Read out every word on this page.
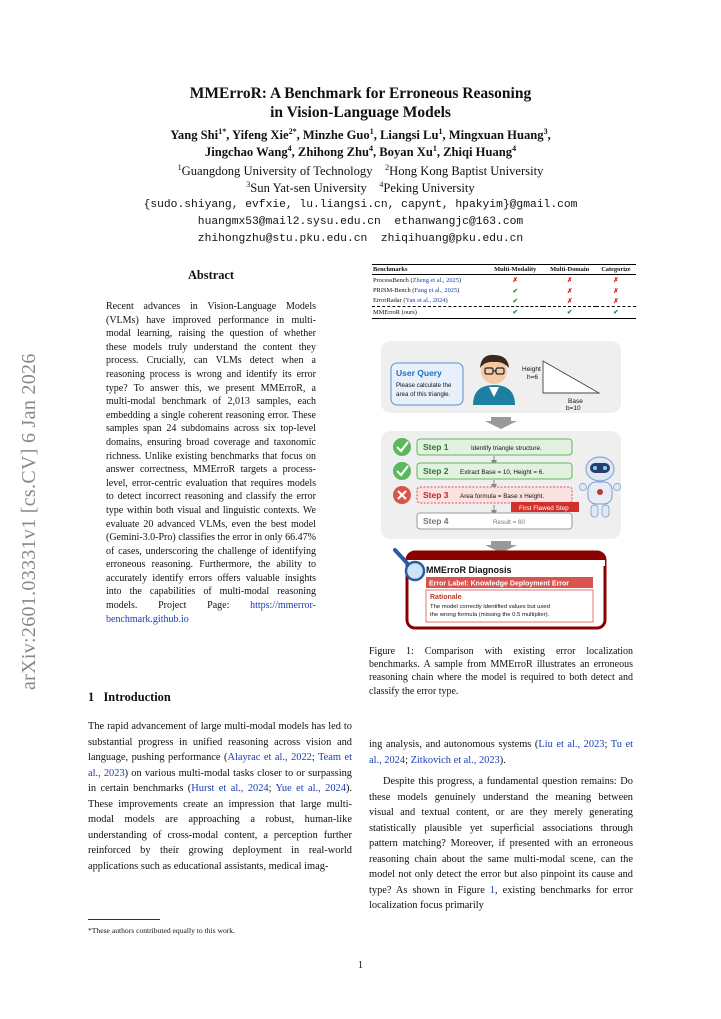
arXiv:2601.03331v1 [cs.CV] 6 Jan 2026
MMErroR: A Benchmark for Erroneous Reasoning
in Vision-Language Models
Yang Shi$^{1*}$, Yifeng Xie$^{2*}$, Minzhe Guo$^1$, Liangsi Lu$^1$, Mingxuan Huang$^3$,
Jingchao Wang$^4$, Zhihong Zhu$^4$, Boyan Xu$^1$, Zhiqi Huang$^4$
$^1$Guangdong University of Technology $^2$Hong Kong Baptist University
$^3$Sun Yat-sen University $^4$Peking University
{sudo.shiyang, evfxie, lu.liangsi.cn, capynt, hpakyim}@gmail.com
huangmx53@mail2.sysu.edu.cn  ethanwangjc@163.com
zhihongzhu@stu.pku.edu.cn  zhiqihuang@pku.edu.cn
Abstract
Recent advances in Vision-Language Models (VLMs) have improved performance in multi-modal learning, raising the question of whether these models truly understand the content they process. Crucially, can VLMs detect when a reasoning process is wrong and identify its error type? To answer this, we present MMErroR, a multi-modal benchmark of 2,013 samples, each embedding a single coherent reasoning error. These samples span 24 subdomains across six top-level domains, ensuring broad coverage and taxonomic richness. Unlike existing benchmarks that focus on answer correctness, MMErroR targets a process-level, error-centric evaluation that requires models to detect incorrect reasoning and classify the error type within both visual and linguistic contexts. We evaluate 20 advanced VLMs, even the best model (Gemini-3.0-Pro) classifies the error in only 66.47% of cases, underscoring the challenge of identifying erroneous reasoning. Furthermore, the ability to accurately identify errors offers valuable insights into the capabilities of multi-modal reasoning models. Project Page: https://mmerror-benchmark.github.io
1   Introduction
The rapid advancement of large multi-modal models has led to substantial progress in unified reasoning across vision and language, pushing performance (Alayrac et al., 2022; Team et al., 2023) on various multi-modal tasks closer to or surpassing in certain benchmarks (Hurst et al., 2024; Yue et al., 2024). These improvements create an impression that large multi-modal models are approaching a robust, human-like understanding of cross-modal content, a perception further reinforced by their growing deployment in real-world applications such as educational assistants, medical imag-
*These authors contributed equally to this work.
ing analysis, and autonomous systems (Liu et al., 2023; Tu et al., 2024; Zitkovich et al., 2023).
Despite this progress, a fundamental question remains: Do these models genuinely understand the meaning between visual and textual content, or are they merely generating statistically plausible yet superficial associations through pattern matching? Moreover, if presented with an erroneous reasoning chain about the same multi-modal scene, can the model not only detect the error but also pinpoint its cause and type? As shown in Figure 1, existing benchmarks for error localization focus primarily
Benchmarks	Multi-Modality	Multi-Domain	Categorize
ProcessBench (Zheng et al., 2025)	✗	✗	✗
PRISM-Bench (Fang et al., 2025)	✔	✗	✗
ErrorRadar (Yan et al., 2024)	✔	✗	✗
MMErroR (ours)	✔	✔	✔
User Query
Please calculate the
area of this triangle.
Height
h=6
Base
b=10
Step 1	Identify triangle structure.
Step 2 Extract Base = 10, Height = 6.
Step 3 Area formula = Base x Height.
First Flawed Step
Step 4	Result = 60
MMErroR Diagnosis
Error Label: Knowledge Deployment Error
Rationale
The model correctly identified values but used
the wrong formula (missing the 0.5 multiplier).
Figure 1: Comparison with existing error localization benchmarks. A sample from MMErroR illustrates an erroneous reasoning chain where the model is required to both detect and classify the error type.
1
